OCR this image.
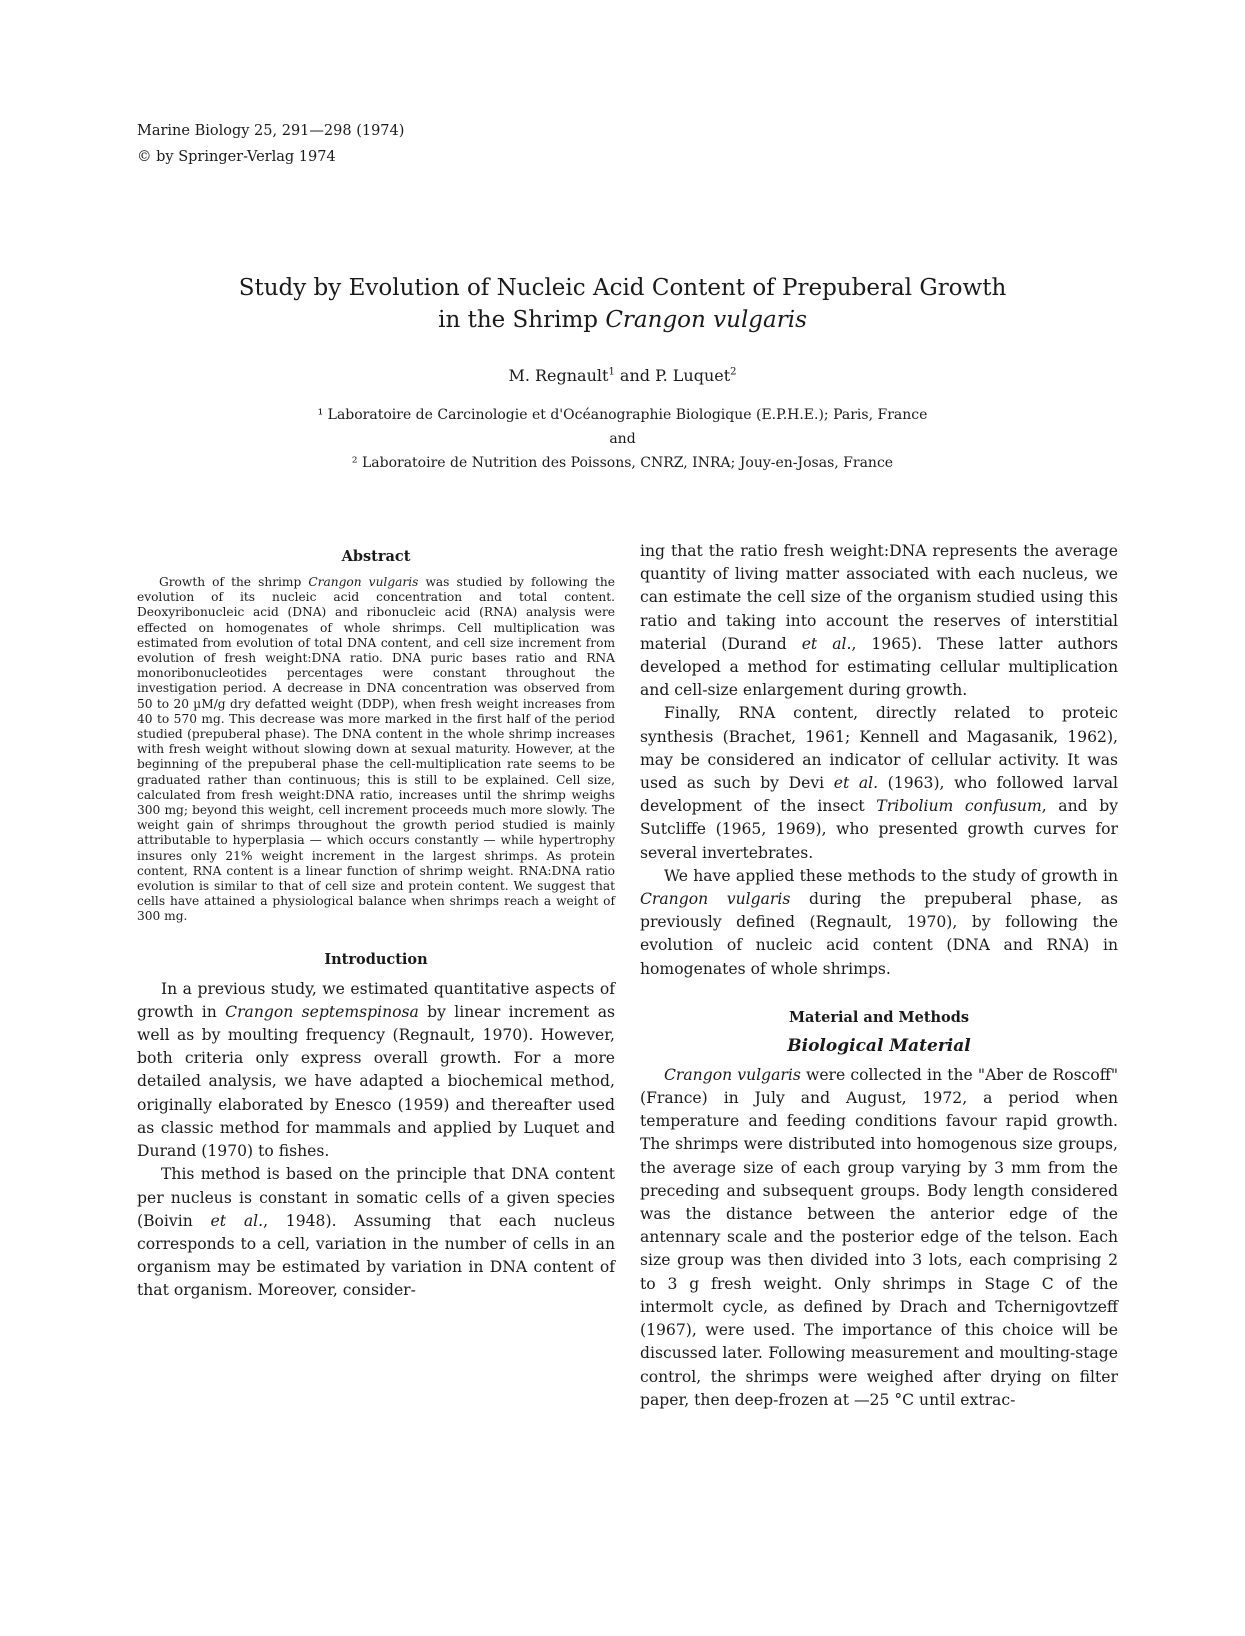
Marine Biology 25, 291—298 (1974)
© by Springer-Verlag 1974
Study by Evolution of Nucleic Acid Content of Prepuberal Growth
in the Shrimp Crangon vulgaris
M. Regnault$^1$ and P. Luquet$^2$
¹ Laboratoire de Carcinologie et d'Océanographie Biologique (E.P.H.E.); Paris, France
and
² Laboratoire de Nutrition des Poissons, CNRZ, INRA; Jouy-en-Josas, France
Abstract

Growth of the shrimp Crangon vulgaris was studied by following the evolution of its nucleic acid concentration and total content. Deoxyribonucleic acid (DNA) and ribonucleic acid (RNA) analysis were effected on homogenates of whole shrimps. Cell multiplication was estimated from evolution of total DNA content, and cell size increment from evolution of fresh weight:DNA ratio. DNA puric bases ratio and RNA monoribonucleotides percentages were constant throughout the investigation period. A decrease in DNA concentration was observed from 50 to 20 µM/g dry defatted weight (DDP), when fresh weight increases from 40 to 570 mg. This decrease was more marked in the first half of the period studied (prepuberal phase). The DNA content in the whole shrimp increases with fresh weight without slowing down at sexual maturity. However, at the beginning of the prepuberal phase the cell-multiplication rate seems to be graduated rather than continuous; this is still to be explained. Cell size, calculated from fresh weight:DNA ratio, increases until the shrimp weighs 300 mg; beyond this weight, cell increment proceeds much more slowly. The weight gain of shrimps throughout the growth period studied is mainly attributable to hyperplasia — which occurs constantly — while hypertrophy insures only 21% weight increment in the largest shrimps. As protein content, RNA content is a linear function of shrimp weight. RNA:DNA ratio evolution is similar to that of cell size and protein content. We suggest that cells have attained a physiological balance when shrimps reach a weight of 300 mg.

Introduction

In a previous study, we estimated quantitative aspects of growth in Crangon septemspinosa by linear increment as well as by moulting frequency (Regnault, 1970). However, both criteria only express overall growth. For a more detailed analysis, we have adapted a biochemical method, originally elaborated by Enesco (1959) and thereafter used as classic method for mammals and applied by Luquet and Durand (1970) to fishes.

This method is based on the principle that DNA content per nucleus is constant in somatic cells of a given species (Boivin et al., 1948). Assuming that each nucleus corresponds to a cell, variation in the number of cells in an organism may be estimated by variation in DNA content of that organism. Moreover, consider-

ing that the ratio fresh weight:DNA represents the average quantity of living matter associated with each nucleus, we can estimate the cell size of the organism studied using this ratio and taking into account the reserves of interstitial material (Durand et al., 1965). These latter authors developed a method for estimating cellular multiplication and cell-size enlargement during growth.

Finally, RNA content, directly related to proteic synthesis (Brachet, 1961; Kennell and Magasanik, 1962), may be considered an indicator of cellular activity. It was used as such by Devi et al. (1963), who followed larval development of the insect Tribolium confusum, and by Sutcliffe (1965, 1969), who presented growth curves for several invertebrates.

We have applied these methods to the study of growth in Crangon vulgaris during the prepuberal phase, as previously defined (Regnault, 1970), by following the evolution of nucleic acid content (DNA and RNA) in homogenates of whole shrimps.

Material and Methods
Biological Material

Crangon vulgaris were collected in the "Aber de Roscoff" (France) in July and August, 1972, a period when temperature and feeding conditions favour rapid growth. The shrimps were distributed into homogenous size groups, the average size of each group varying by 3 mm from the preceding and subsequent groups. Body length considered was the distance between the anterior edge of the antennary scale and the posterior edge of the telson. Each size group was then divided into 3 lots, each comprising 2 to 3 g fresh weight. Only shrimps in Stage C of the intermolt cycle, as defined by Drach and Tchernigovtzeff (1967), were used. The importance of this choice will be discussed later. Following measurement and moulting-stage control, the shrimps were weighed after drying on filter paper, then deep-frozen at —25 °C until extrac-
